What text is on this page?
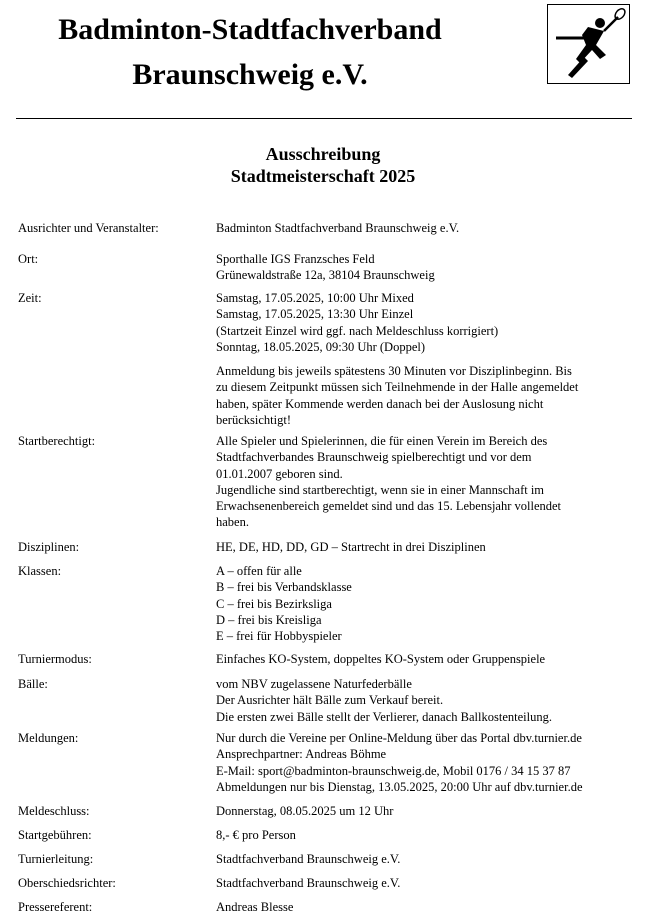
Badminton-Stadtfachverband
Braunschweig e.V.
Ausschreibung
Stadtmeisterschaft 2025
Ausrichter und Veranstalter:	Badminton Stadtfachverband Braunschweig e.V.
Ort:	Sporthalle IGS Franzsches Feld
Grünewaldstraße 12a, 38104 Braunschweig
Zeit:	Samstag, 17.05.2025, 10:00 Uhr Mixed
Samstag, 17.05.2025, 13:30 Uhr Einzel
(Startzeit Einzel wird ggf. nach Meldeschluss korrigiert)
Sonntag, 18.05.2025, 09:30 Uhr (Doppel)
Anmeldung bis jeweils spätestens 30 Minuten vor Disziplinbeginn. Bis
zu diesem Zeitpunkt müssen sich Teilnehmende in der Halle angemeldet
haben, später Kommende werden danach bei der Auslosung nicht
berücksichtigt!
Startberechtigt:	Alle Spieler und Spielerinnen, die für einen Verein im Bereich des
Stadtfachverbandes Braunschweig spielberechtigt und vor dem
01.01.2007 geboren sind.
Jugendliche sind startberechtigt, wenn sie in einer Mannschaft im
Erwachsenenbereich gemeldet sind und das 15. Lebensjahr vollendet
haben.
Disziplinen:	HE, DE, HD, DD, GD – Startrecht in drei Disziplinen
Klassen:	A – offen für alle
B – frei bis Verbandsklasse
C – frei bis Bezirksliga
D – frei bis Kreisliga
E – frei für Hobbyspieler
Turniermodus:	Einfaches KO-System, doppeltes KO-System oder Gruppenspiele
Bälle:	vom NBV zugelassene Naturfederbälle
Der Ausrichter hält Bälle zum Verkauf bereit.
Die ersten zwei Bälle stellt der Verlierer, danach Ballkostenteilung.
Meldungen:	Nur durch die Vereine per Online-Meldung über das Portal dbv.turnier.de
Ansprechpartner: Andreas Böhme
E-Mail: sport@badminton-braunschweig.de, Mobil 0176 / 34 15 37 87
Abmeldungen nur bis Dienstag, 13.05.2025, 20:00 Uhr auf dbv.turnier.de
Meldeschluss:	Donnerstag, 08.05.2025 um 12 Uhr
Startgebühren:	8,- € pro Person
Turnierleitung:	Stadtfachverband Braunschweig e.V.
Oberschiedsrichter:	Stadtfachverband Braunschweig e.V.
Pressereferent:	Andreas Blesse
